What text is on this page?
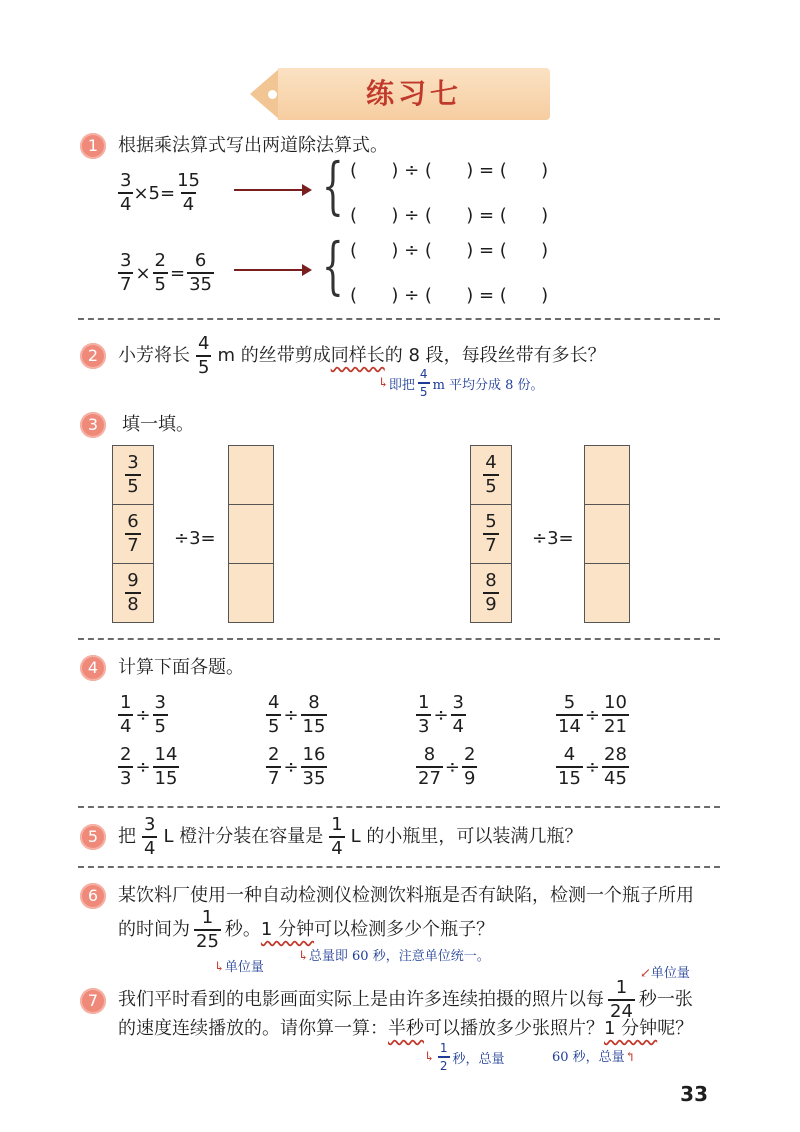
练习七
1	根据乘法算式写出两道除法算式。
$\frac{3}{4} \times 5= \frac{15}{4}$ { (      ) ÷ (      ) = (      )
(      ) ÷ (      ) = (      )
$\frac{3}{7} \times \frac{2}{5} = \frac{6}{35}$ { (      ) ÷ (      ) = (      )
(      ) ÷ (      ) = (      )
2	小芳将长
4
5
m 的丝带剪成 同样长 的 8 段，每段丝带有多长？
↳ 即把
4
5 m 平均分成 8 份。
3	填一填。
3
5
6
7
9
8
÷3=
4
5
5
7
8
9
÷3=
4	计算下面各题。
$\frac{1}{4} \div \frac{3}{5}$	$\frac{4}{5} \div \frac{8}{15}$	$\frac{1}{3} \div \frac{3}{4}$	$\frac{5}{14} \div \frac{10}{21}$
$\frac{2}{3} \div \frac{14}{15}$	$\frac{2}{7} \div \frac{16}{35}$	$\frac{8}{27} \div \frac{2}{9}$	$\frac{4}{15} \div \frac{28}{45}$
5	把
3
4
L 橙汁分装在容量是
1
4
L 的小瓶里，可以装满几瓶？
6	某饮料厂使用一种自动检测仪检测饮料瓶是否有缺陷，检测一个瓶子所用
的时间为 $\frac{1}{25}$ 秒。 1 分钟 可以检测多少个瓶子？
↳单位量
↳总量即 60 秒，注意单位统一。
↙单位量
7	我们平时看到的电影画面实际上是由许多连续拍摄的照片以每
1
24
秒一张
的速度连续播放的。请你算一算：半秒可以播放多少张照片？1 分钟呢？
↳
1
2 秒，总量	60 秒，总量↰
33
